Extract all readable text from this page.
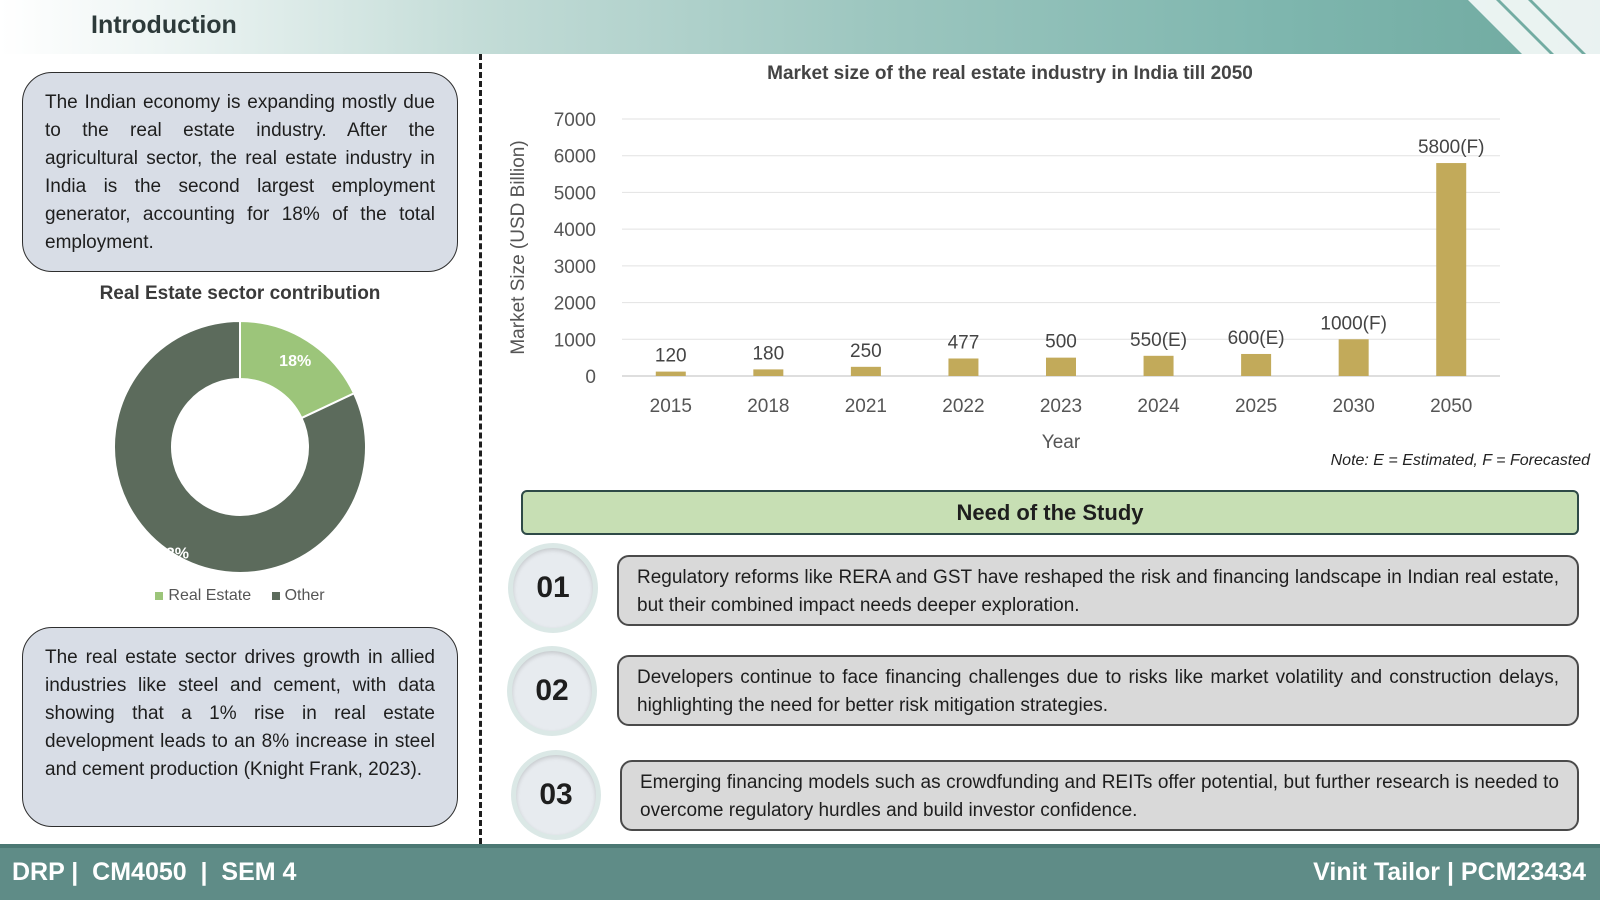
Introduction
The Indian economy is expanding mostly due to the real estate industry. After the agricultural sector, the real estate industry in India is the second largest employment generator, accounting for 18% of the total employment.
Real Estate sector contribution
18%
82%
Real Estate Other
The real estate sector drives growth in allied industries like steel and cement, with data showing that a 1% rise in real estate development leads to an 8% increase in steel and cement production (Knight Frank, 2023).
Market size of the real estate industry in India till 2050
0
1000
2000
3000
4000
5000
6000
7000
120
2015
180
2018
250
2021
477
2022
500
2023
550(E)
2024
600(E)
2025
1000(F)
2030
5800(F)
2050
Year
Market Size (USD Billion)
Note: E = Estimated, F = Forecasted
Need of the Study
01	Regulatory reforms like RERA and GST have reshaped the risk and financing landscape in Indian real estate, but their combined impact needs deeper exploration.
02	Developers continue to face financing challenges due to risks like market volatility and construction delays, highlighting the need for better risk mitigation strategies.
03	Emerging financing models such as crowdfunding and REITs offer potential, but further research is needed to overcome regulatory hurdles and build investor confidence.
DRP |  CM4050  |  SEM 4	Vinit Tailor | PCM23434
